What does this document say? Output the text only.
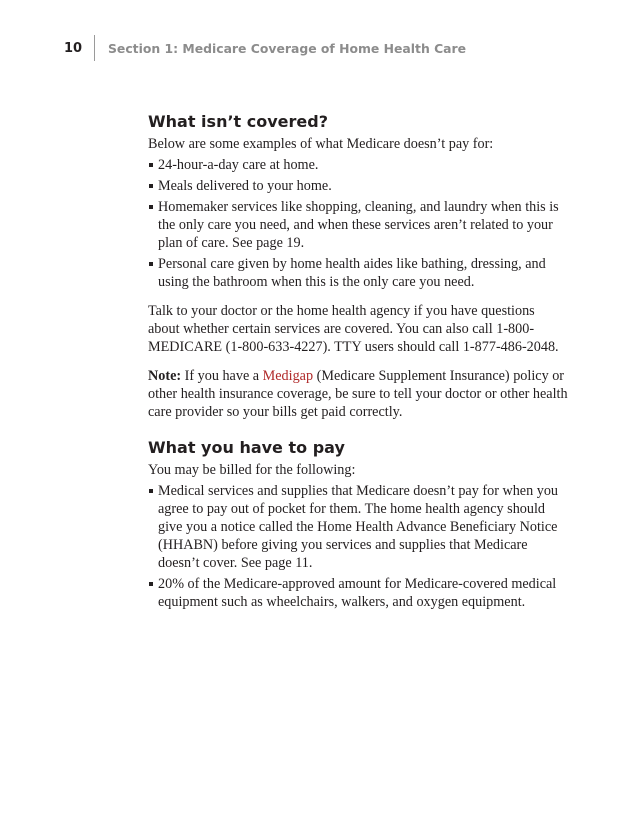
10 Section 1: Medicare Coverage of Home Health Care
What isn’t covered?

Below are some examples of what Medicare doesn’t pay for:

24-hour-a-day care at home.
Meals delivered to your home.
Homemaker services like shopping, cleaning, and laundry when this is the only care you need, and when these services aren’t related to your plan of care. See page 19.
Personal care given by home health aides like bathing, dressing, and using the bathroom when this is the only care you need.

Talk to your doctor or the home health agency if you have questions about whether certain services are covered. You can also call 1-800-MEDICARE (1-800-633-4227). TTY users should call 1-877-486-2048.

Note: If you have a Medigap (Medicare Supplement Insurance) policy or other health insurance coverage, be sure to tell your doctor or other health care provider so your bills get paid correctly.

What you have to pay

You may be billed for the following:

Medical services and supplies that Medicare doesn’t pay for when you agree to pay out of pocket for them. The home health agency should give you a notice called the Home Health Advance Beneficiary Notice (HHABN) before giving you services and supplies that Medicare doesn’t cover. See page 11.
20% of the Medicare-approved amount for Medicare-covered medical equipment such as wheelchairs, walkers, and oxygen equipment.
